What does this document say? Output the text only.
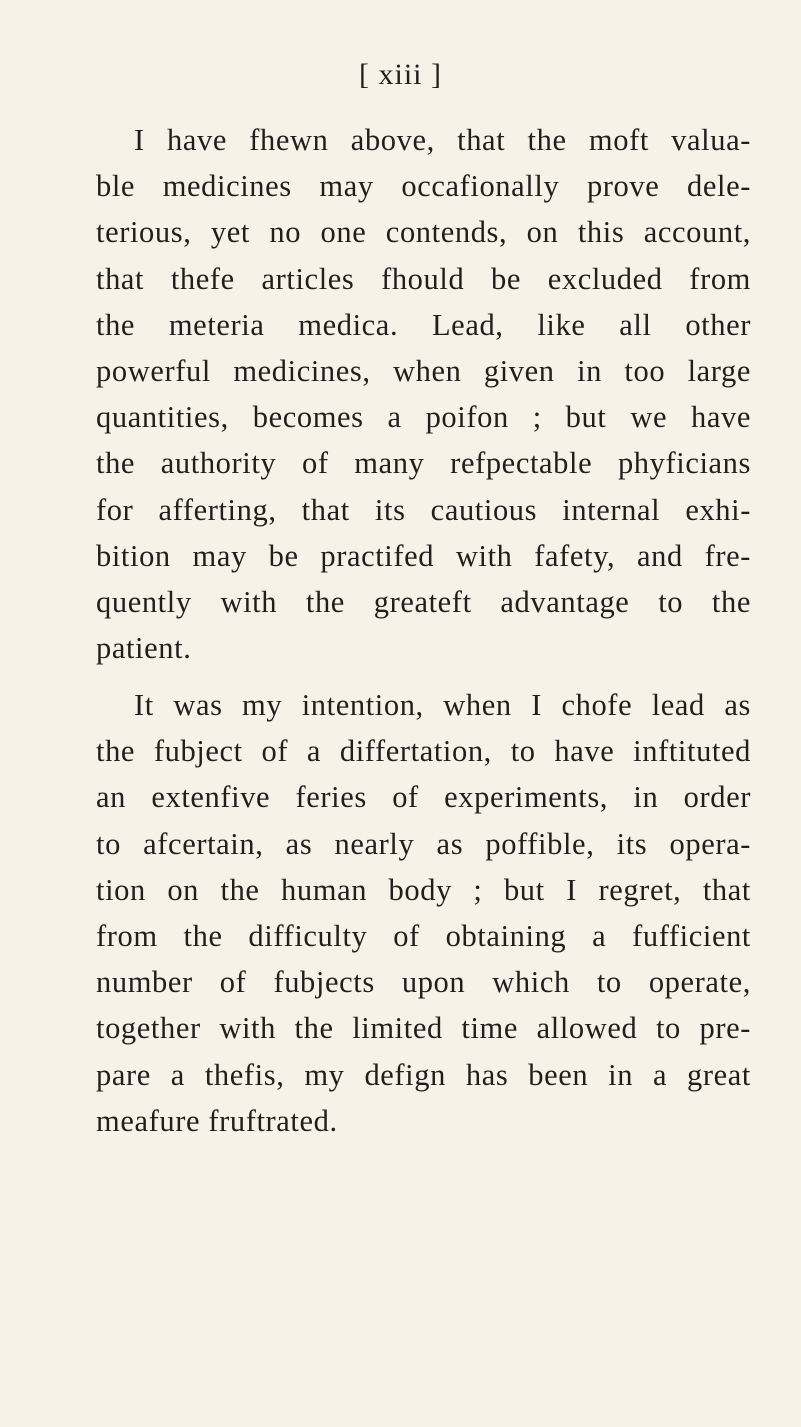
[ xiii ]
I have fhewn above, that the moft valua-
ble medicines may occafionally prove dele-
terious, yet no one contends, on this account,
that thefe articles fhould be excluded from
the meteria medica. Lead, like all other
powerful medicines, when given in too large
quantities, becomes a poifon ; but we have
the authority of many refpectable phyficians
for afferting, that its cautious internal exhi-
bition may be practifed with fafety, and fre-
quently with the greateft advantage to the
patient.
It was my intention, when I chofe lead as
the fubject of a differtation, to have inftituted
an extenfive feries of experiments, in order
to afcertain, as nearly as poffible, its opera-
tion on the human body ; but I regret, that
from the difficulty of obtaining a fufficient
number of fubjects upon which to operate,
together with the limited time allowed to pre-
pare a thefis, my defign has been in a great
meafure fruftrated.
